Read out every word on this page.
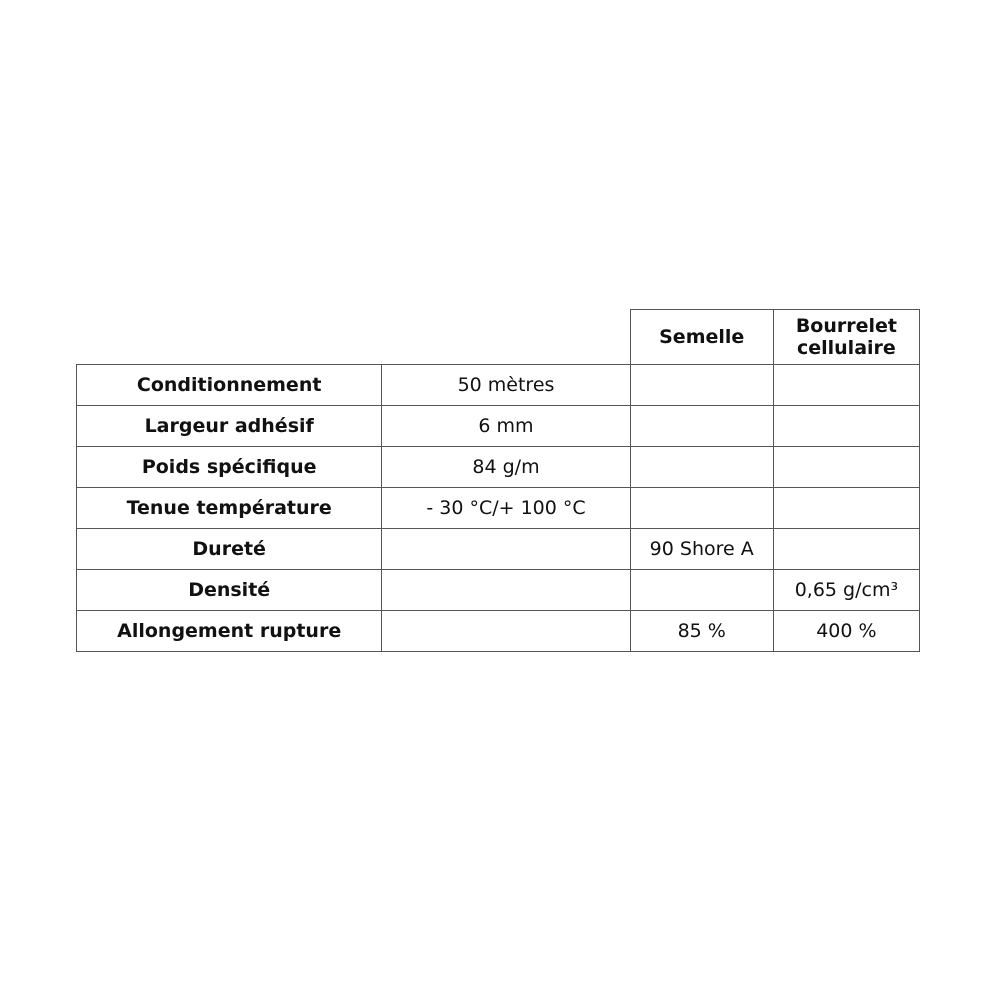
		Semelle	Bourrelet
cellulaire
Conditionnement	50 mètres		
Largeur adhésif	6 mm		
Poids spécifique	84 g/m		
Tenue température	- 30 °C/+ 100 °C		
Dureté		90 Shore A	
Densité			0,65 g/cm³
Allongement rupture		85 %	400 %
